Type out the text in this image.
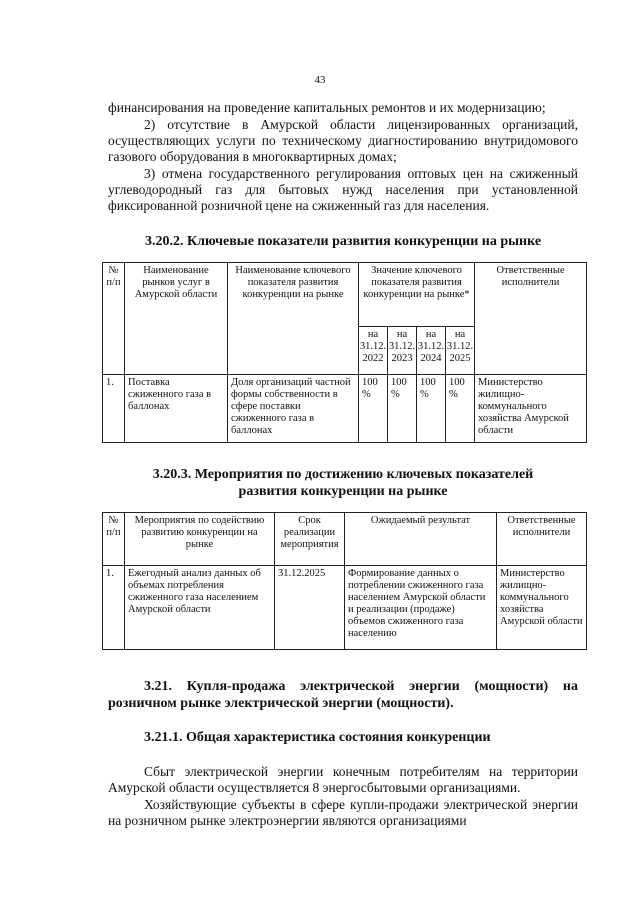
43
финансирования на проведение капитальных ремонтов и их модернизацию;
2) отсутствие в Амурской области лицензированных организаций, осуществляющих услуги по техническому диагностированию внутридомового газового оборудования в многоквартирных домах;
3) отмена государственного регулирования оптовых цен на сжиженный углеводородный газ для бытовых нужд населения при установленной фиксированной розничной цене на сжиженный газ для населения.
3.20.2. Ключевые показатели развития конкуренции на рынке
№ п/п	Наименование рынков услуг в Амурской области	Наименование ключевого показателя развития конкуренции на рынке	Значение ключевого показателя развития конкуренции на рынке*				Ответственные исполнители
			на 31.12. 2022	на 31.12. 2023	на 31.12. 2024	на 31.12. 2025	
1.	Поставка сжиженного газа в баллонах	Доля организаций частной формы собственности в сфере поставки сжиженного газа в баллонах	100 %	100 %	100 %	100 %	Министерство жилищно-коммунального хозяйства Амурской области
3.20.3. Мероприятия по достижению ключевых показателей
развития конкуренции на рынке
№ п/п	Мероприятия по содействию развитию конкуренции на рынке	Срок реализации мероприятия	Ожидаемый результат	Ответственные исполнители
1.	Ежегодный анализ данных об объемах потребления сжиженного газа населением Амурской области	31.12.2025	Формирование данных о потреблении сжиженного газа населением Амурской области и реализации (продаже) объемов сжиженного газа населению	Министерство жилищно-коммунального хозяйства Амурской области
3.21. Купля-продажа электрической энергии (мощности) на розничном рынке электрической энергии (мощности).
3.21.1. Общая характеристика состояния конкуренции
Сбыт электрической энергии конечным потребителям на территории Амурской области осуществляется 8 энергосбытовыми организациями.
Хозяйствующие субъекты в сфере купли-продажи электрической энергии на розничном рынке электроэнергии являются организациями
